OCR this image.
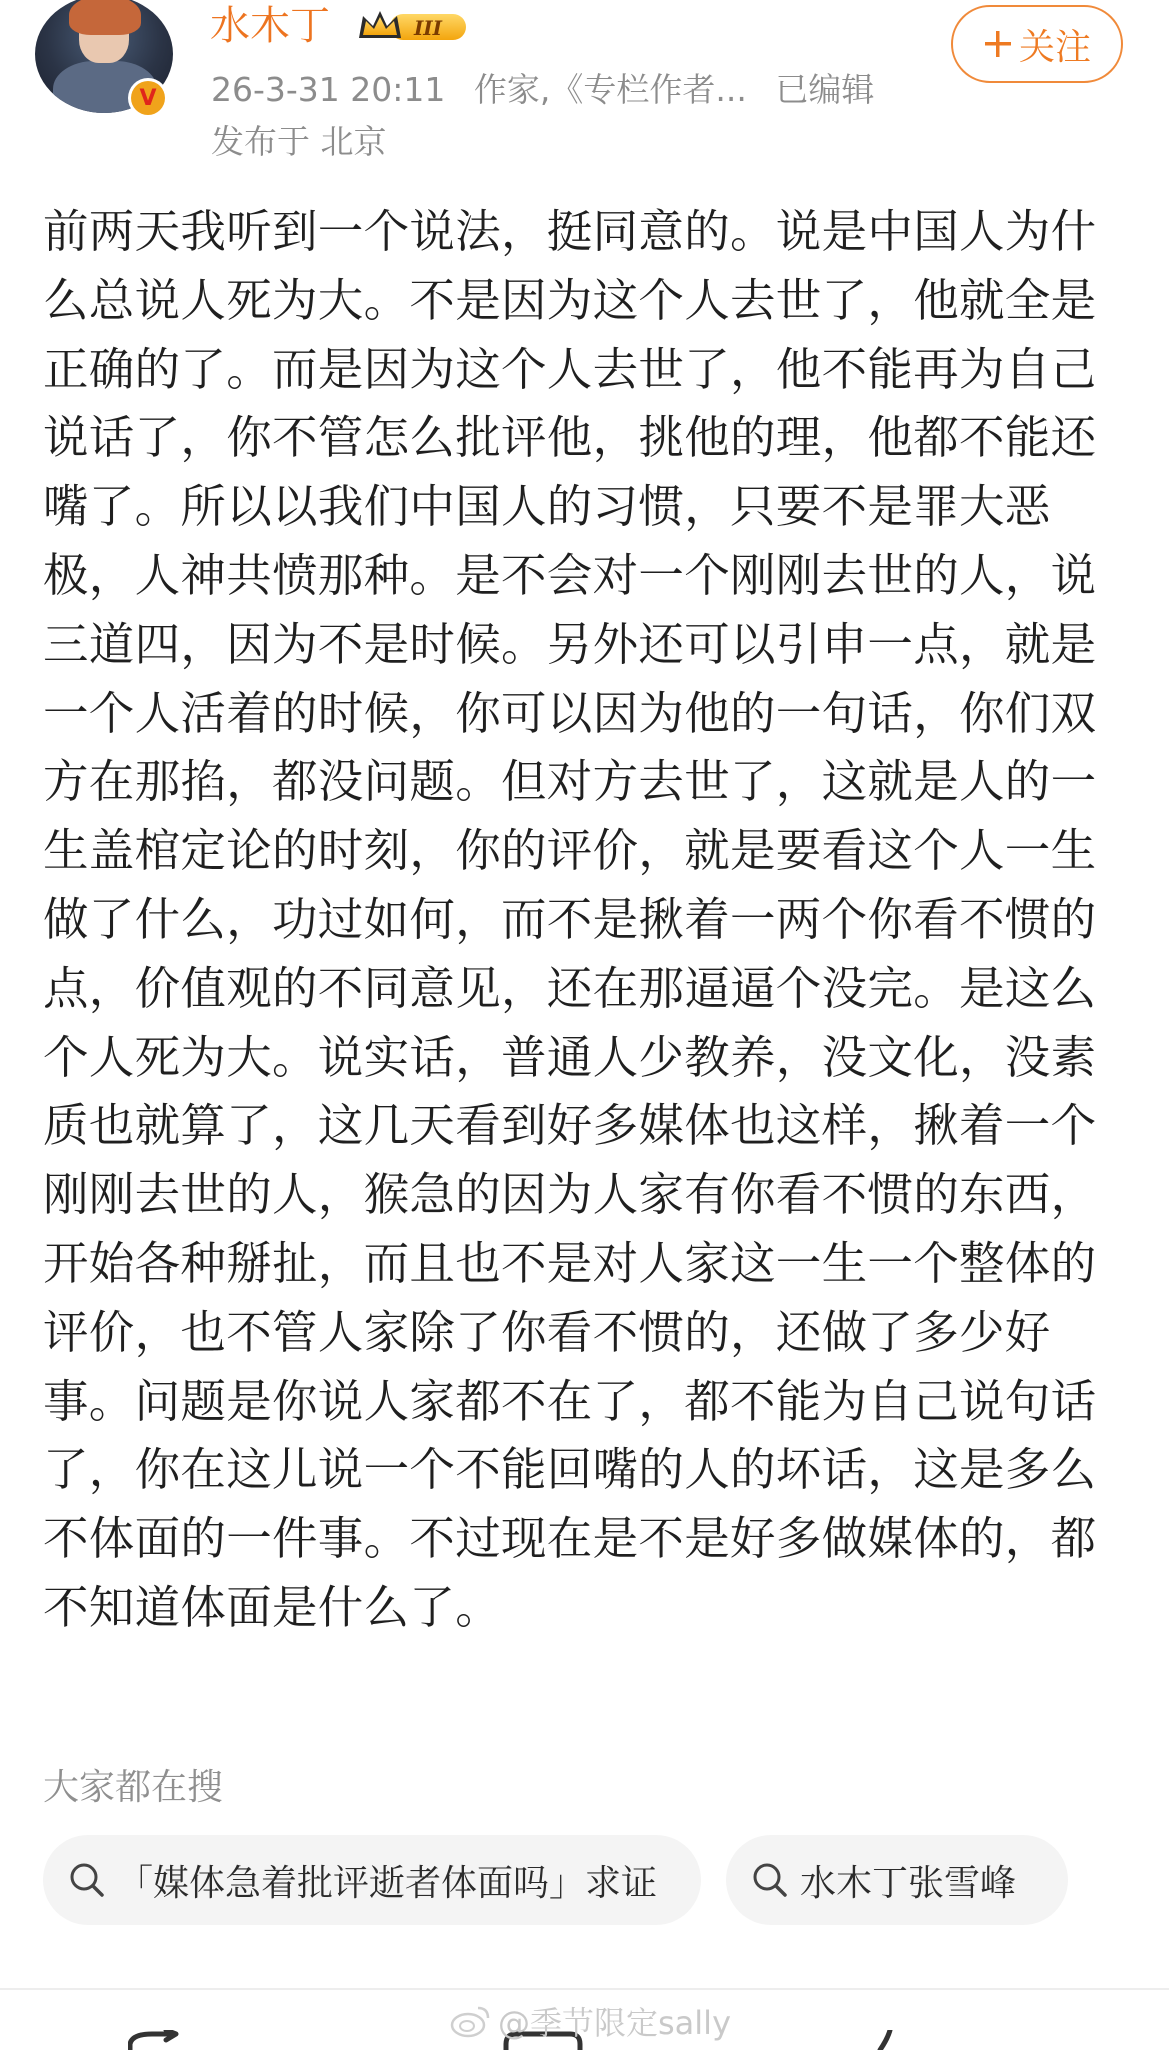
V
水木丁	III
26-3-31 20:11 作家,《专栏作者... 已编辑
发布于 北京
关注
前两天我听到一个说法，挺同意的。说是中国人为什么总说人死为大。不是因为这个人去世了，他就全是正确的了。而是因为这个人去世了，他不能再为自己说话了，你不管怎么批评他，挑他的理，他都不能还嘴了。所以以我们中国人的习惯，只要不是罪大恶极，人神共愤那种。是不会对一个刚刚去世的人，说三道四，因为不是时候。另外还可以引申一点，就是一个人活着的时候，你可以因为他的一句话，你们双方在那掐，都没问题。但对方去世了，这就是人的一生盖棺定论的时刻，你的评价，就是要看这个人一生做了什么，功过如何，而不是揪着一两个你看不惯的点，价值观的不同意见，还在那逼逼个没完。是这么个人死为大。说实话，普通人少教养，没文化，没素质也就算了，这几天看到好多媒体也这样，揪着一个刚刚去世的人，猴急的因为人家有你看不惯的东西，开始各种掰扯，而且也不是对人家这一生一个整体的评价，也不管人家除了你看不惯的，还做了多少好事。问题是你说人家都不在了，都不能为自己说句话了，你在这儿说一个不能回嘴的人的坏话，这是多么不体面的一件事。不过现在是不是好多做媒体的，都不知道体面是什么了。
大家都在搜
「媒体急着批评逝者体面吗」求证	水木丁张雪峰
@季节限定sally
